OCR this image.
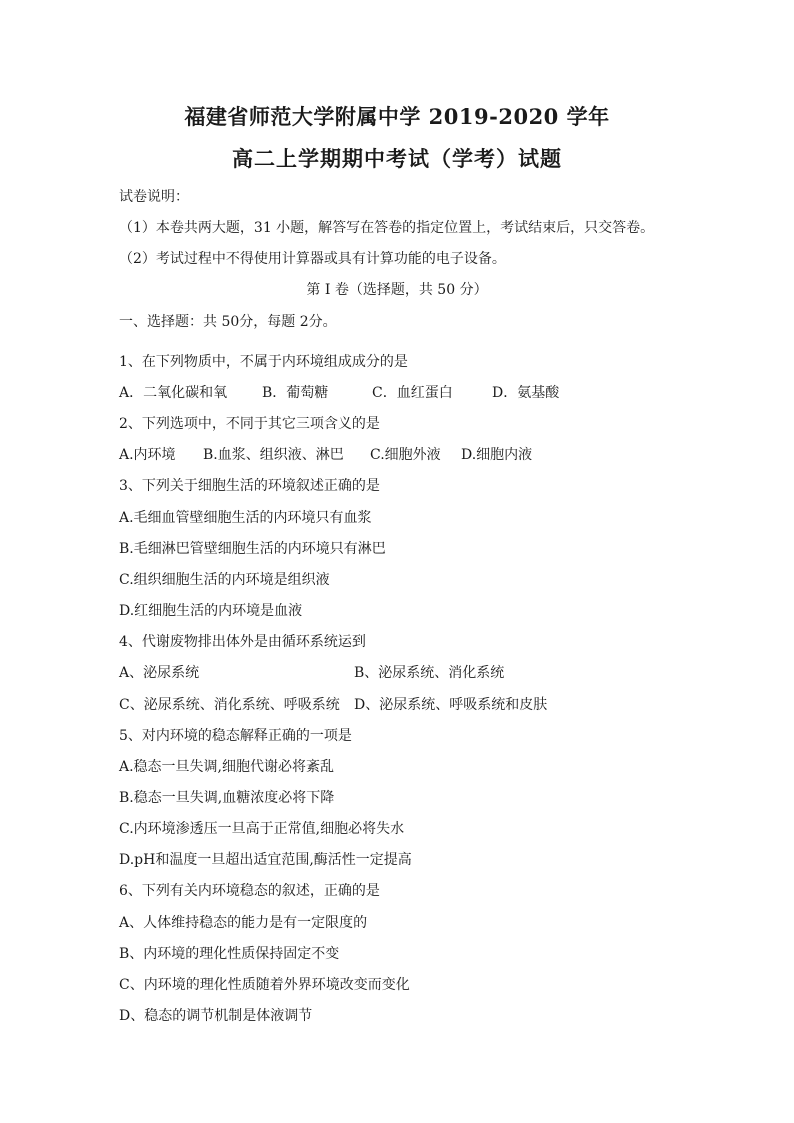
福建省师范大学附属中学 2019-2020 学年
高二上学期期中考试（学考）试题
试卷说明：
（1）本卷共两大题，31 小题，解答写在答卷的指定位置上，考试结束后，只交答卷。
（2）考试过程中不得使用计算器或具有计算功能的电子设备。
第 I 卷（选择题，共 50 分）
一、选择题：共 50分，每题 2分。
1、在下列物质中，不属于内环境组成成分的是
A．二氧化碳和氧 B．葡萄糖	C．血红蛋白	D．氨基酸
2、下列选项中，不同于其它三项含义的是
A.内环境 B.血浆、组织液、淋巴 C.细胞外液 D.细胞内液
3、下列关于细胞生活的环境叙述正确的是
A.毛细血管壁细胞生活的内环境只有血浆
B.毛细淋巴管壁细胞生活的内环境只有淋巴
C.组织细胞生活的内环境是组织液
D.红细胞生活的内环境是血液
4、代谢废物排出体外是由循环系统运到
A、泌尿系统	B、泌尿系统、消化系统
C、泌尿系统、消化系统、呼吸系统 D、泌尿系统、呼吸系统和皮肤
5、对内环境的稳态解释正确的一项是
A.稳态一旦失调,细胞代谢必将紊乱
B.稳态一旦失调,血糖浓度必将下降
C.内环境渗透压一旦高于正常值,细胞必将失水
D.pH和温度一旦超出适宜范围,酶活性一定提高
6、下列有关内环境稳态的叙述，正确的是
A、人体维持稳态的能力是有一定限度的
B、内环境的理化性质保持固定不变
C、内环境的理化性质随着外界环境改变而变化
D、稳态的调节机制是体液调节
